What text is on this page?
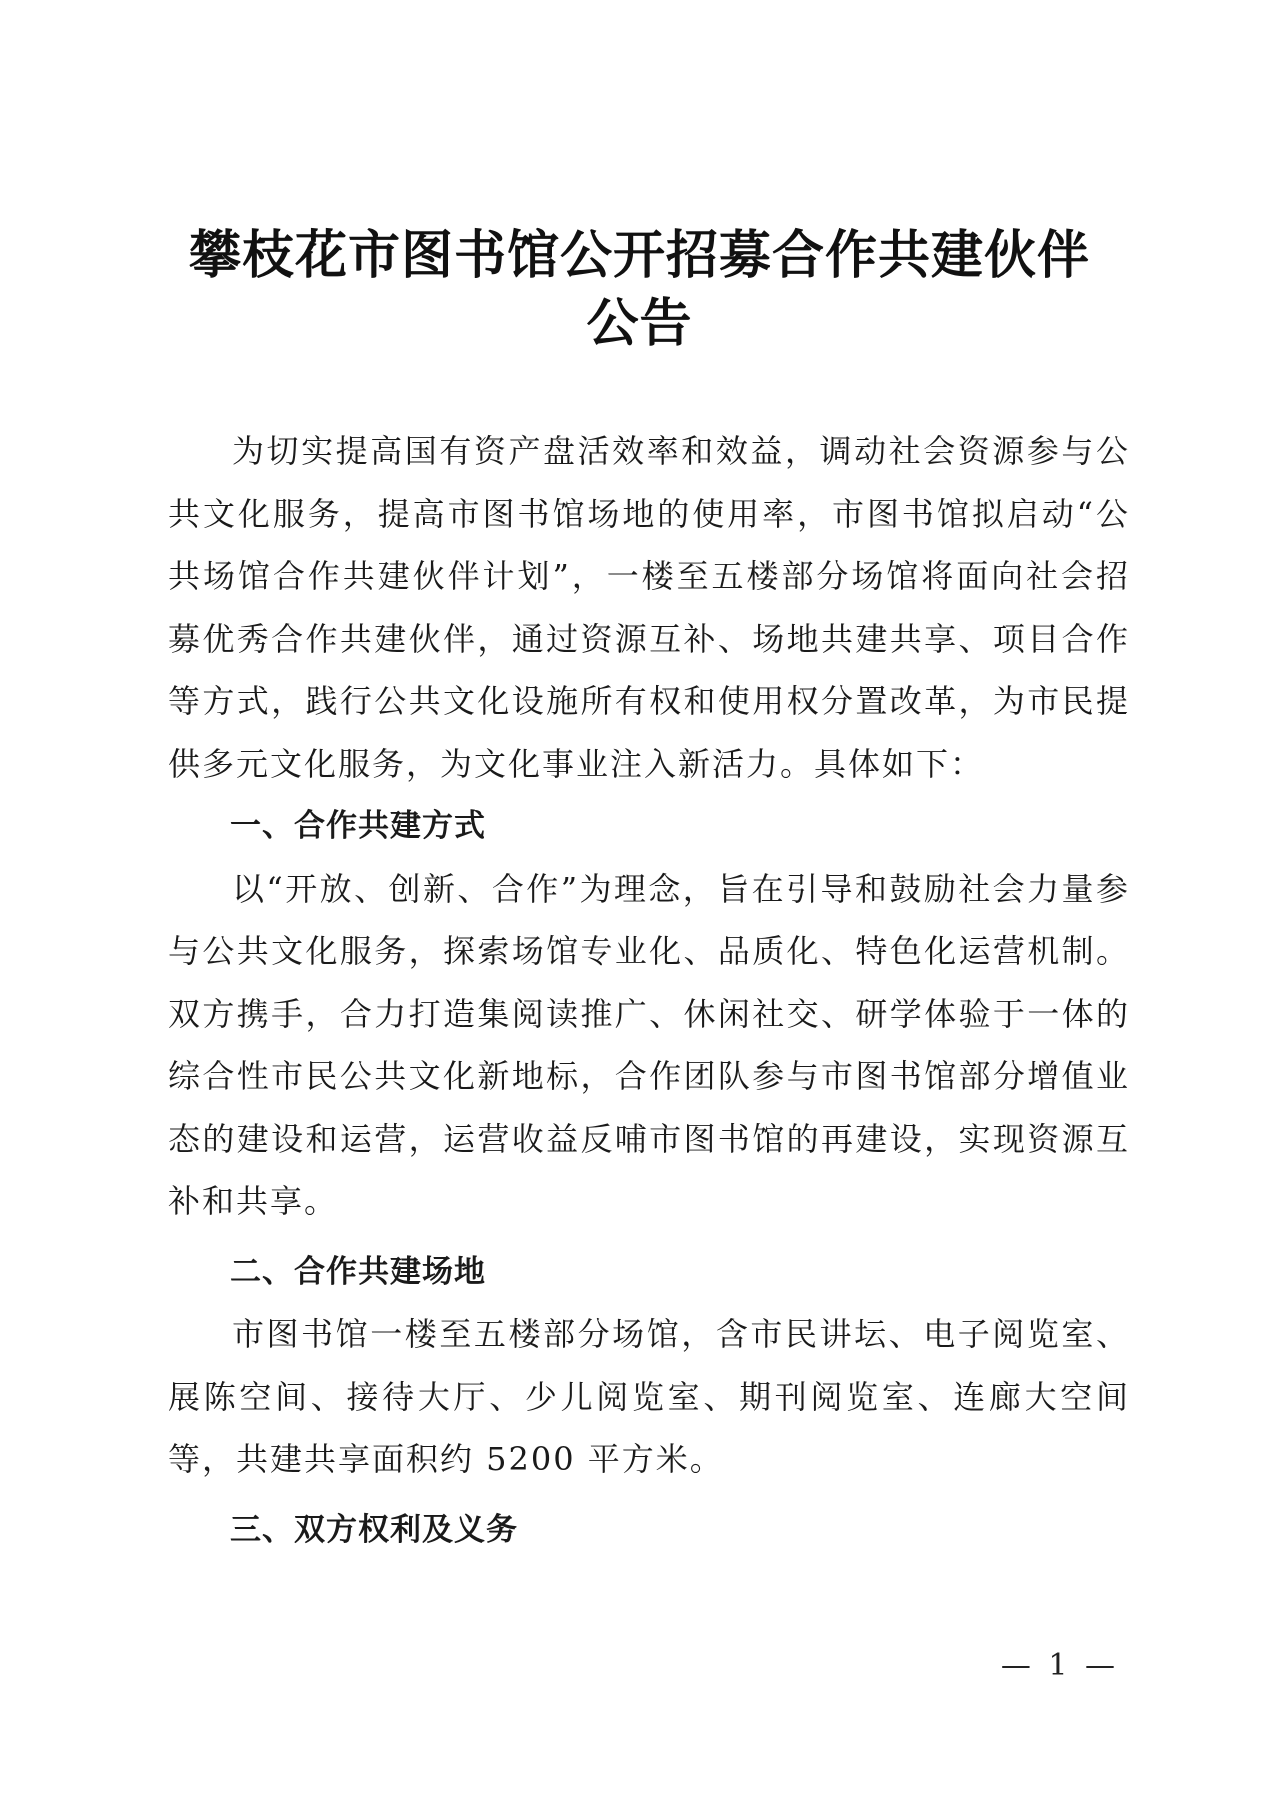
攀枝花市图书馆公开招募合作共建伙伴
公告

为切实提高国有资产盘活效率和效益，调动社会资源参与公共文化服务，提高市图书馆场地的使用率，市图书馆拟启动“公共场馆合作共建伙伴计划”，一楼至五楼部分场馆将面向社会招募优秀合作共建伙伴，通过资源互补、场地共建共享、项目合作等方式，践行公共文化设施所有权和使用权分置改革，为市民提供多元文化服务，为文化事业注入新活力。具体如下：

一、合作共建方式

以“开放、创新、合作”为理念，旨在引导和鼓励社会力量参与公共文化服务，探索场馆专业化、品质化、特色化运营机制。双方携手，合力打造集阅读推广、休闲社交、研学体验于一体的综合性市民公共文化新地标，合作团队参与市图书馆部分增值业态的建设和运营，运营收益反哺市图书馆的再建设，实现资源互补和共享。

二、合作共建场地

市图书馆一楼至五楼部分场馆，含市民讲坛、电子阅览室、展陈空间、接待大厅、少儿阅览室、期刊阅览室、连廊大空间等，共建共享面积约 5200 平方米。

三、双方权利及义务

— 1 —
